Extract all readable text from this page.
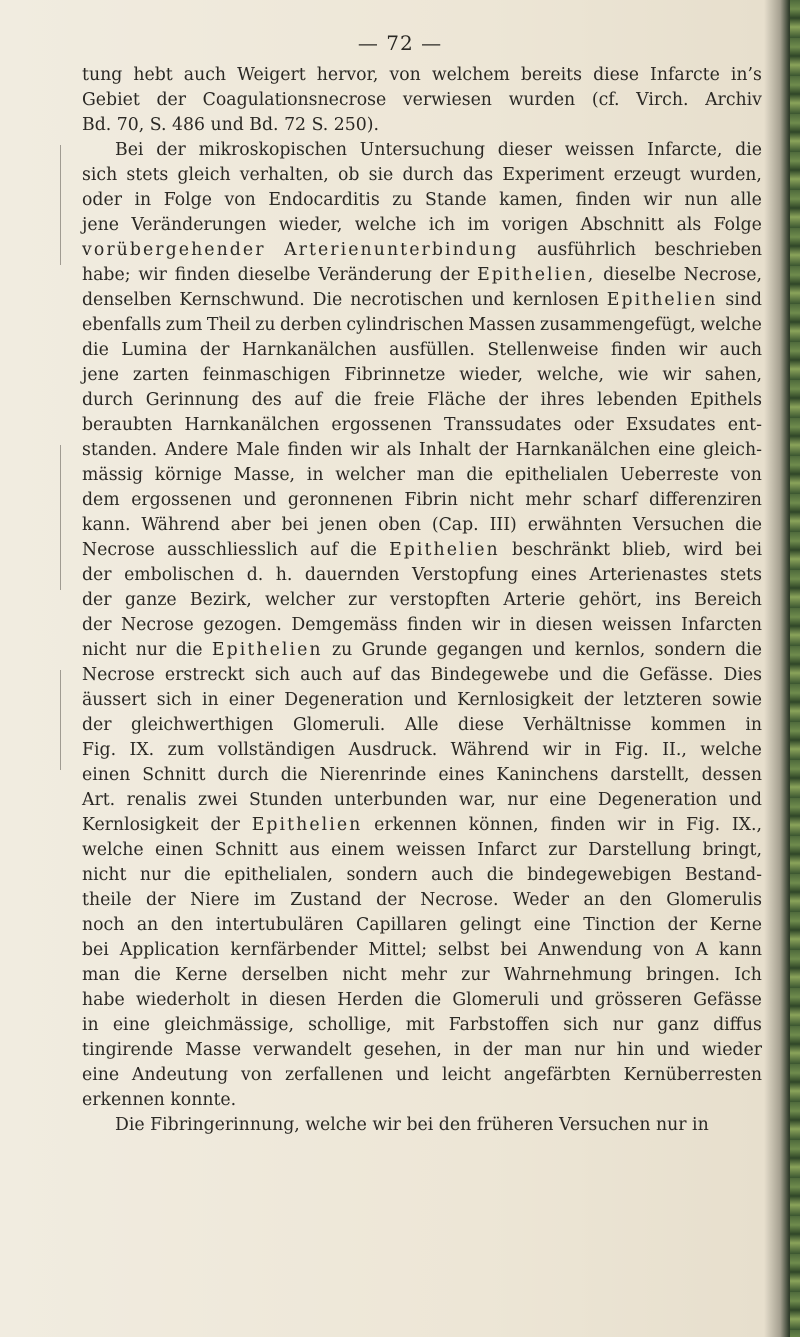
— 72 —
tung hebt auch Weigert hervor, von welchem bereits diese Infarcte in’s
Gebiet der Coagulationsnecrose verwiesen wurden (cf. Virch. Archiv
Bd.
70,
S.
486
und
Bd.
72
S.
250).
Bei der mikroskopischen Untersuchung dieser weissen Infarcte, die
sich stets gleich verhalten, ob sie durch das Experiment erzeugt wurden,
oder in Folge von Endocarditis zu Stande kamen, finden wir nun alle
jene Veränderungen wieder, welche ich im vorigen Abschnitt als Folge
vorübergehender Arterienunterbindung ausführlich beschrieben
habe; wir finden dieselbe Veränderung der Epithelien, dieselbe Necrose,
denselben Kernschwund. Die necrotischen und kernlosen Epithelien sind
ebenfalls zum Theil zu derben cylindrischen Massen zusammengefügt, welche
die Lumina der Harnkanälchen ausfüllen. Stellenweise finden wir auch
jene zarten feinmaschigen Fibrinnetze wieder, welche, wie wir sahen,
durch Gerinnung des auf die freie Fläche der ihres lebenden Epithels
beraubten Harnkanälchen ergossenen Transsudates oder Exsudates ent-
standen. Andere Male finden wir als Inhalt der Harnkanälchen eine gleich-
mässig körnige Masse, in welcher man die epithelialen Ueberreste von
dem ergossenen und geronnenen Fibrin nicht mehr scharf differenziren
kann. Während aber bei jenen oben (Cap. III) erwähnten Versuchen die
Necrose ausschliesslich auf die Epithelien beschränkt blieb, wird bei
der embolischen d. h. dauernden Verstopfung eines Arterienastes stets
der ganze Bezirk, welcher zur verstopften Arterie gehört, ins Bereich
der Necrose gezogen. Demgemäss finden wir in diesen weissen Infarcten
nicht nur die Epithelien zu Grunde gegangen und kernlos, sondern die
Necrose erstreckt sich auch auf das Bindegewebe und die Gefässe. Dies
äussert sich in einer Degeneration und Kernlosigkeit der letzteren sowie
der gleichwerthigen Glomeruli. Alle diese Verhältnisse kommen in
Fig. IX. zum vollständigen Ausdruck. Während wir in Fig. II., welche
einen Schnitt durch die Nierenrinde eines Kaninchens darstellt, dessen
Art. renalis zwei Stunden unterbunden war, nur eine Degeneration und
Kernlosigkeit der Epithelien erkennen können, finden wir in Fig. IX.,
welche einen Schnitt aus einem weissen Infarct zur Darstellung bringt,
nicht nur die epithelialen, sondern auch die bindegewebigen Bestand-
theile der Niere im Zustand der Necrose. Weder an den Glomerulis
noch an den intertubulären Capillaren gelingt eine Tinction der Kerne
bei Application kernfärbender Mittel; selbst bei Anwendung von A kann
man die Kerne derselben nicht mehr zur Wahrnehmung bringen. Ich
habe wiederholt in diesen Herden die Glomeruli und grösseren Gefässe
in eine gleichmässige, schollige, mit Farbstoffen sich nur ganz diffus
tingirende Masse verwandelt gesehen, in der man nur hin und wieder
eine Andeutung von zerfallenen und leicht angefärbten Kernüberresten
erkennen
konnte.
Die
Fibringerinnung,
welche
wir
bei
den
früheren
Versuchen
nur
in
